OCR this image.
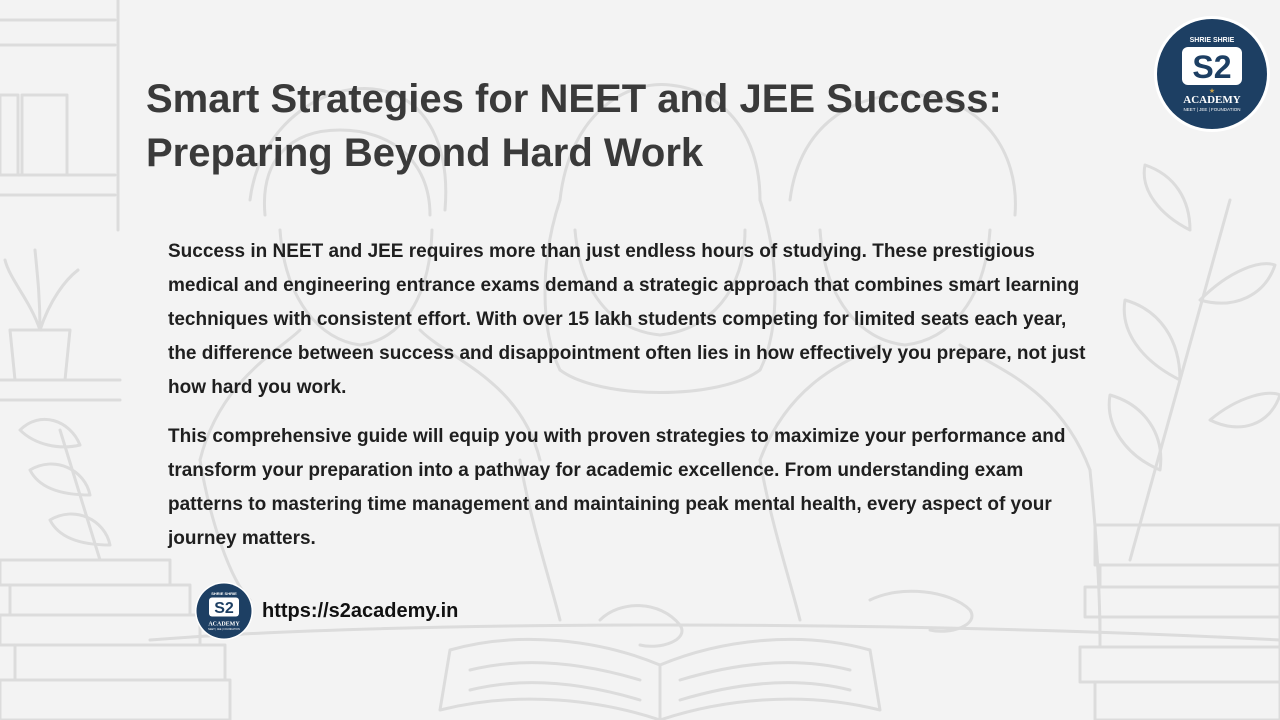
Smart Strategies for NEET and JEE Success:
Preparing Beyond Hard Work

Success in NEET and JEE requires more than just endless hours of studying. These prestigious medical and engineering entrance exams demand a strategic approach that combines smart learning techniques with consistent effort. With over 15 lakh students competing for limited seats each year, the difference between success and disappointment often lies in how effectively you prepare, not just how hard you work.

This comprehensive guide will equip you with proven strategies to maximize your performance and transform your preparation into a pathway for academic excellence. From understanding exam patterns to mastering time management and maintaining peak mental health, every aspect of your journey matters.

SHRIE SHRIE
S2
★
ACADEMY
NEET | JEE | FOUNDATION
SHRIE SHRIE
S2
ACADEMY
NEET | JEE | FOUNDATION
https://s2academy.in
